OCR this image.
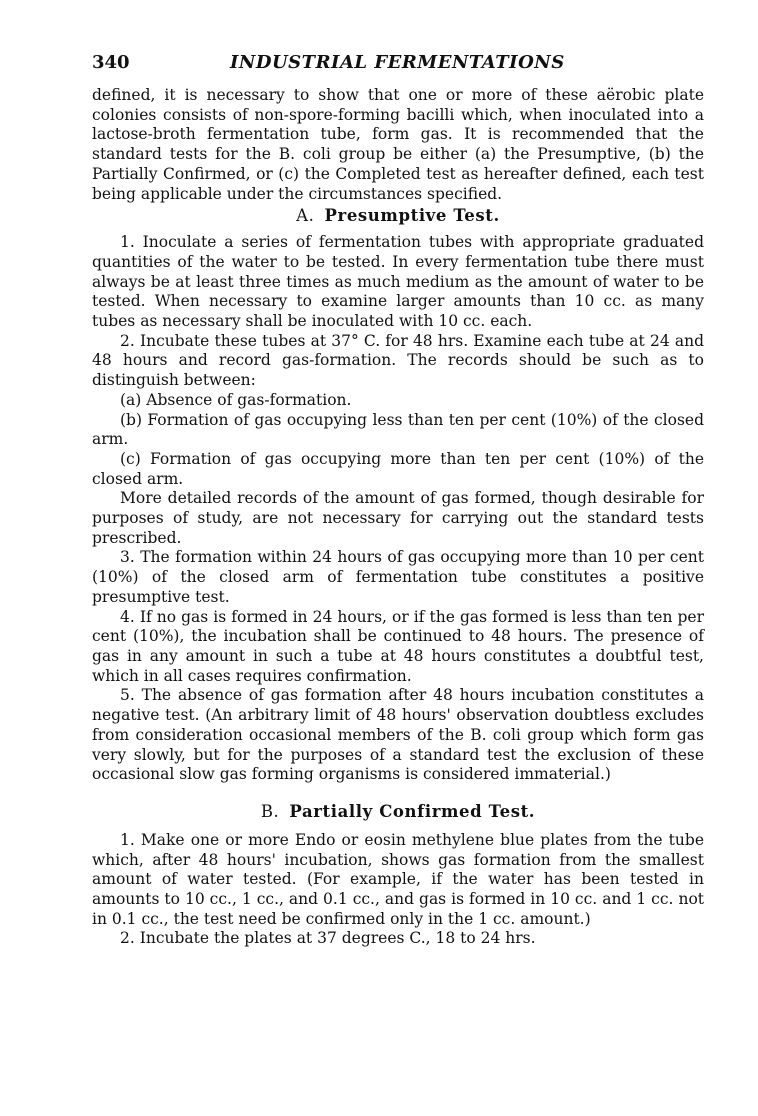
340	INDUSTRIAL FERMENTATIONS

defined, it is necessary to show that one or more of these aërobic plate colonies consists of non-spore-forming bacilli which, when inoculated into a lactose-broth fermentation tube, form gas. It is recommended that the standard tests for the B. coli group be either (a) the Presumptive, (b) the Partially Confirmed, or (c) the Completed test as hereafter defined, each test being applicable under the circumstances specified.

A. Presumptive Test.

1. Inoculate a series of fermentation tubes with appropriate graduated quantities of the water to be tested. In every fermentation tube there must always be at least three times as much medium as the amount of water to be tested. When necessary to examine larger amounts than 10 cc. as many tubes as necessary shall be inoculated with 10 cc. each.

2. Incubate these tubes at 37° C. for 48 hrs. Examine each tube at 24 and 48 hours and record gas-formation. The records should be such as to distinguish between:

(a) Absence of gas-formation.

(b) Formation of gas occupying less than ten per cent (10%) of the closed arm.

(c) Formation of gas occupying more than ten per cent (10%) of the closed arm.

More detailed records of the amount of gas formed, though desirable for purposes of study, are not necessary for carrying out the standard tests prescribed.

3. The formation within 24 hours of gas occupying more than 10 per cent (10%) of the closed arm of fermentation tube constitutes a positive presumptive test.

4. If no gas is formed in 24 hours, or if the gas formed is less than ten per cent (10%), the incubation shall be continued to 48 hours. The presence of gas in any amount in such a tube at 48 hours constitutes a doubtful test, which in all cases requires confirmation.

5. The absence of gas formation after 48 hours incubation constitutes a negative test. (An arbitrary limit of 48 hours' observation doubtless excludes from consideration occasional members of the B. coli group which form gas very slowly, but for the purposes of a standard test the exclusion of these occasional slow gas forming organisms is considered immaterial.)

B. Partially Confirmed Test.

1. Make one or more Endo or eosin methylene blue plates from the tube which, after 48 hours' incubation, shows gas formation from the smallest amount of water tested. (For example, if the water has been tested in amounts to 10 cc., 1 cc., and 0.1 cc., and gas is formed in 10 cc. and 1 cc. not in 0.1 cc., the test need be confirmed only in the 1 cc. amount.)

2. Incubate the plates at 37 degrees C., 18 to 24 hrs.
